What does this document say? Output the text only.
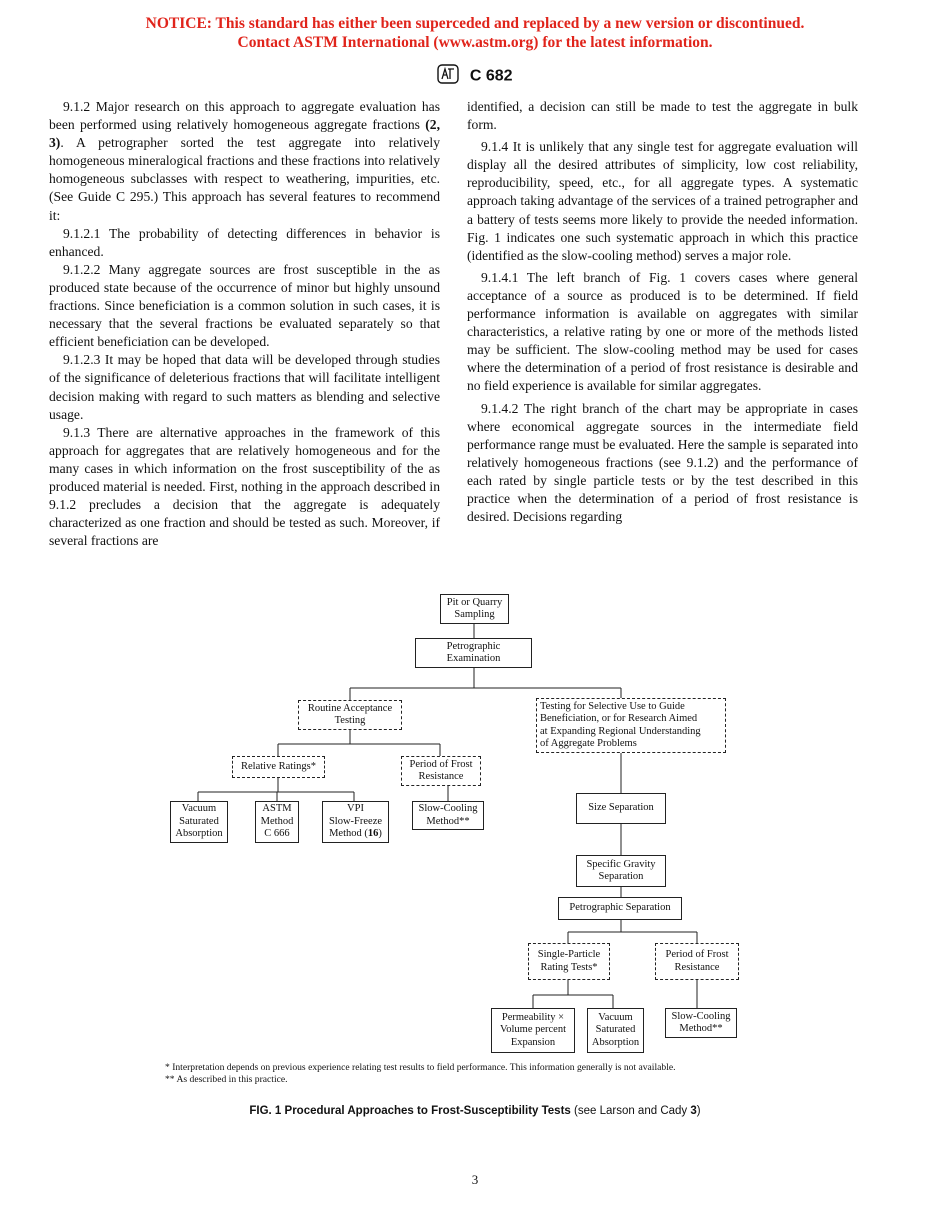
NOTICE: This standard has either been superceded and replaced by a new version or discontinued.
Contact ASTM International (www.astm.org) for the latest information.
C 682

9.1.2 Major research on this approach to aggregate evaluation has been performed using relatively homogeneous aggregate fractions (2, 3). A petrographer sorted the test aggregate into relatively homogeneous mineralogical fractions and these fractions into relatively homogeneous subclasses with respect to weathering, impurities, etc. (See Guide C 295.) This approach has several features to recommend it:

9.1.2.1 The probability of detecting differences in behavior is enhanced.

9.1.2.2 Many aggregate sources are frost susceptible in the as produced state because of the occurrence of minor but highly unsound fractions. Since beneficiation is a common solution in such cases, it is necessary that the several fractions be evaluated separately so that efficient beneficiation can be developed.

9.1.2.3 It may be hoped that data will be developed through studies of the significance of deleterious fractions that will facilitate intelligent decision making with regard to such matters as blending and selective usage.

9.1.3 There are alternative approaches in the framework of this approach for aggregates that are relatively homogeneous and for the many cases in which information on the frost susceptibility of the as produced material is needed. First, nothing in the approach described in 9.1.2 precludes a decision that the aggregate is adequately characterized as one fraction and should be tested as such. Moreover, if several fractions are

identified, a decision can still be made to test the aggregate in bulk form.

9.1.4 It is unlikely that any single test for aggregate evaluation will display all the desired attributes of simplicity, low cost reliability, reproducibility, speed, etc., for all aggregate types. A systematic approach taking advantage of the services of a trained petrographer and a battery of tests seems more likely to provide the needed information. Fig. 1 indicates one such systematic approach in which this practice (identified as the slow-cooling method) serves a major role.

9.1.4.1 The left branch of Fig. 1 covers cases where general acceptance of a source as produced is to be determined. If field performance information is available on aggregates with similar characteristics, a relative rating by one or more of the methods listed may be sufficient. The slow-cooling method may be used for cases where the determination of a period of frost resistance is desirable and no field experience is available for similar aggregates.

9.1.4.2 The right branch of the chart may be appropriate in cases where economical aggregate sources in the intermediate field performance range must be evaluated. Here the sample is separated into relatively homogeneous fractions (see 9.1.2) and the performance of each rated by single particle tests or by the test described in this practice when the determination of a period of frost resistance is desired. Decisions regarding

Pit or Quarry
Sampling
Petrographic
Examination
Routine Acceptance
Testing
Testing for Selective Use to Guide
Beneficiation, or for Research Aimed
at Expanding Regional Understanding
of Aggregate Problems
Relative Ratings*	Period of Frost
Resistance
Vacuum
Saturated
Absorption
ASTM
Method
C 666
VPI
Slow-Freeze
Method (16)
Slow-Cooling
Method**
Size Separation
Specific Gravity
Separation
Petrographic Separation
Single-Particle
Rating Tests*
Period of Frost
Resistance
Permeability ×
Volume percent
Expansion
Vacuum
Saturated
Absorption
Slow-Cooling
Method**

* Interpretation depends on previous experience relating test results to field performance. This information generally is not available.

** As described in this practice.

FIG. 1 Procedural Approaches to Frost-Susceptibility Tests (see Larson and Cady 3)
3
